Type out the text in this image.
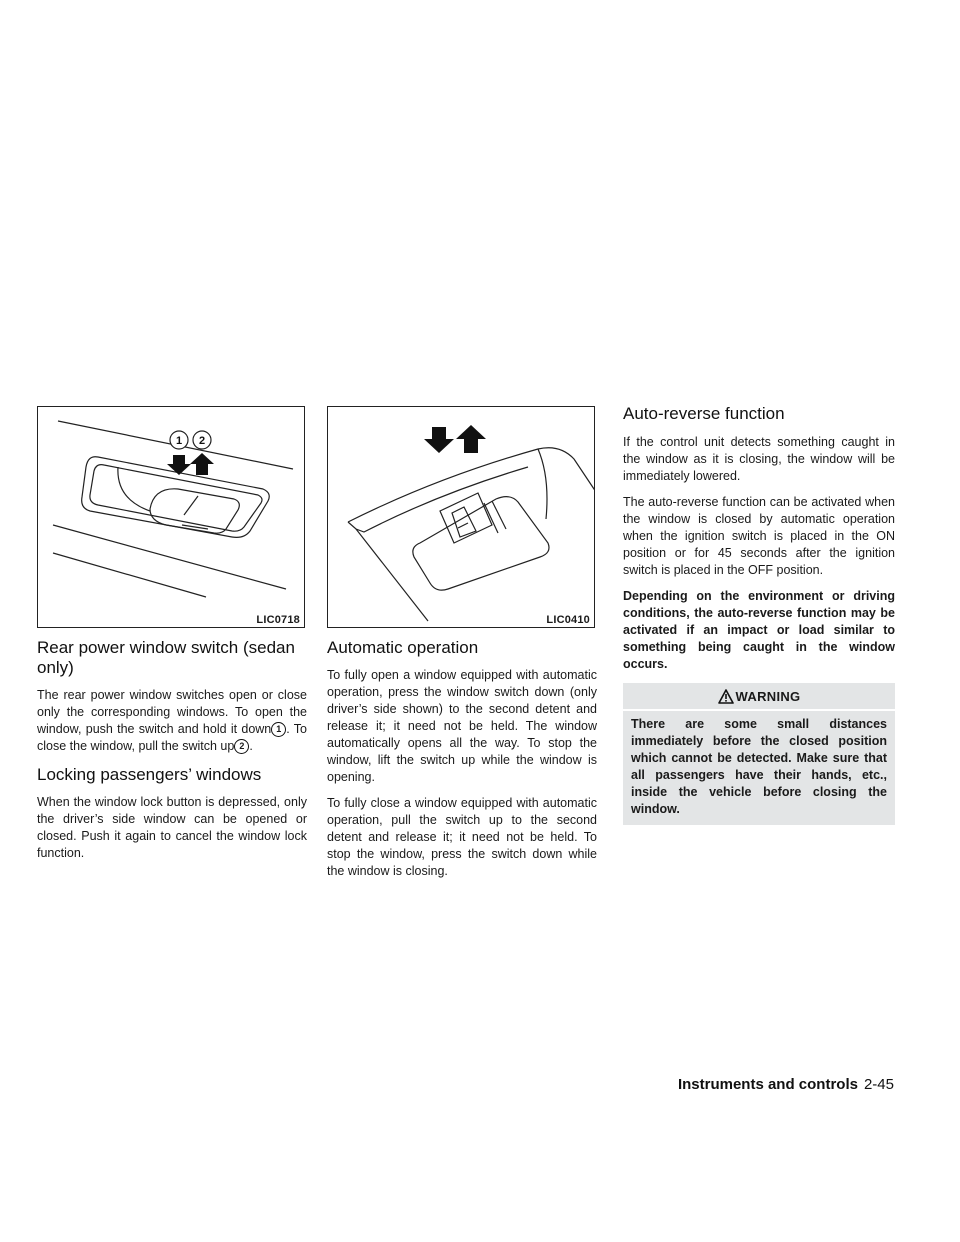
1 2
LIC0718
Rear power window switch (sedan only)

The rear power window switches open or close only the corresponding windows. To open the window, push the switch and hold it down 1 . To close the window, pull the switch up 2 .

Locking passengers’ windows

When the window lock button is depressed, only the driver’s side window can be opened or closed. Push it again to cancel the window lock function.

LIC0410
Automatic operation

To fully open a window equipped with automatic operation, press the window switch down (only driver’s side shown) to the second detent and release it; it need not be held. The window automatically opens all the way. To stop the window, lift the switch up while the window is opening.

To fully close a window equipped with automatic operation, pull the switch up to the second detent and release it; it need not be held. To stop the window, press the switch down while the window is closing.

Auto-reverse function

If the control unit detects something caught in the window as it is closing, the window will be immediately lowered.

The auto-reverse function can be activated when the window is closed by automatic operation when the ignition switch is placed in the ON position or for 45 seconds after the ignition switch is placed in the OFF position.

Depending on the environment or driving conditions, the auto-reverse function may be activated if an impact or load similar to something being caught in the window occurs.

WARNING
There are some small distances immediately before the closed position which cannot be detected. Make sure that all passengers have their hands, etc., inside the vehicle before closing the window.
Instruments and controls 2-45
